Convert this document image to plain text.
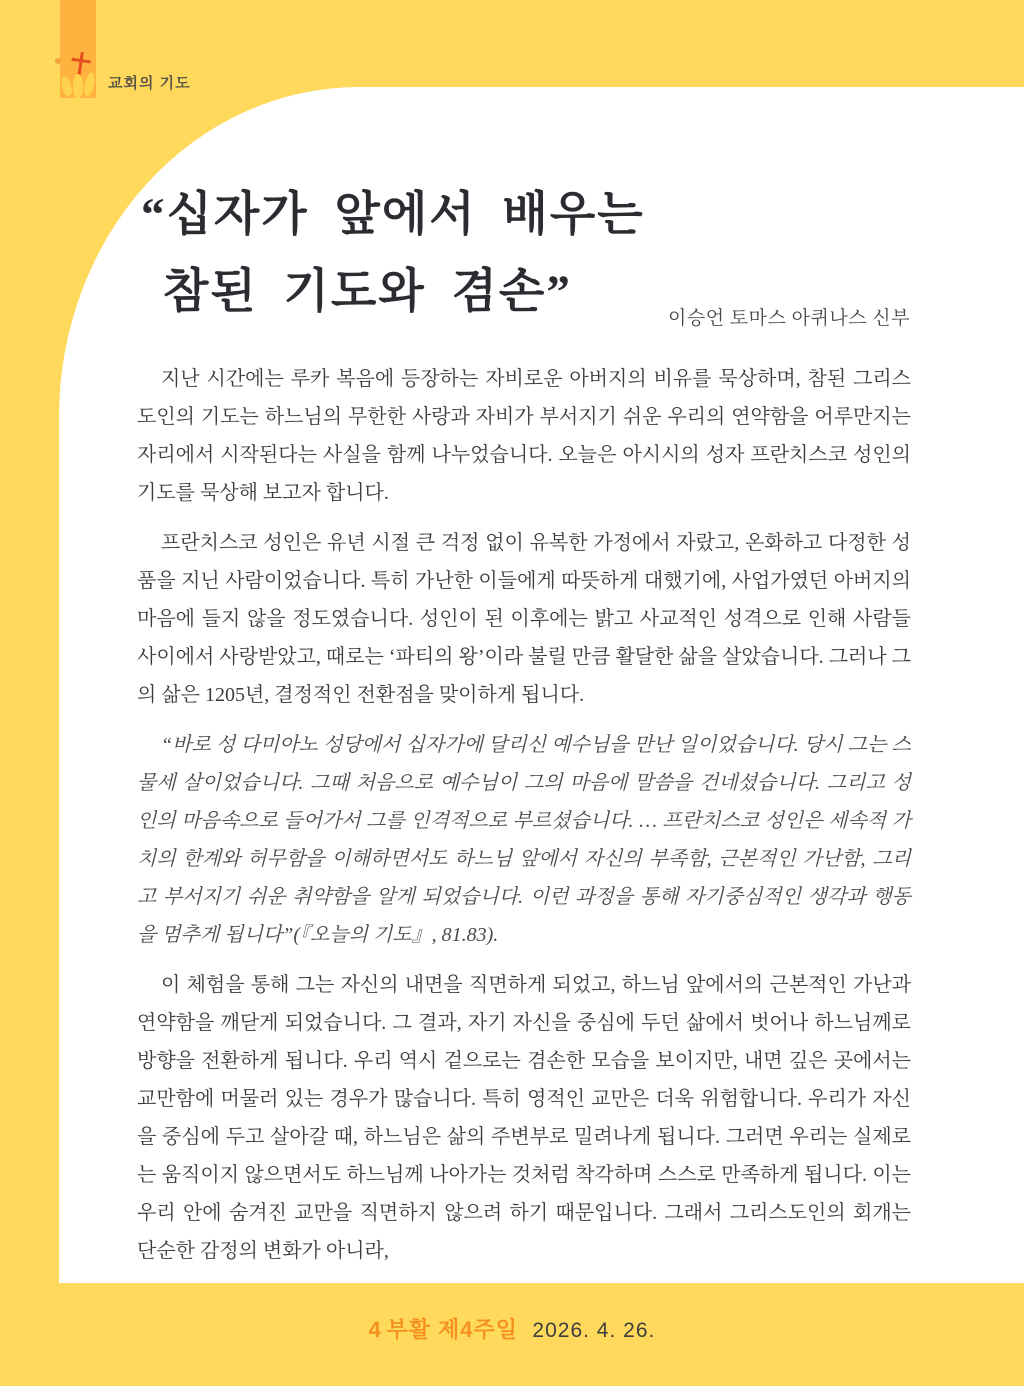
교회의 기도
“십자가 앞에서 배우는
참된 기도와 겸손”
이승언 토마스 아퀴나스 신부

지난 시간에는 루카 복음에 등장하는 자비로운 아버지의 비유를 묵상하며, 참된 그리스도인의 기도는 하느님의 무한한 사랑과 자비가 부서지기 쉬운 우리의 연약함을 어루만지는 자리에서 시작된다는 사실을 함께 나누었습니다. 오늘은 아시시의 성자 프란치스코 성인의 기도를 묵상해 보고자 합니다.

프란치스코 성인은 유년 시절 큰 걱정 없이 유복한 가정에서 자랐고, 온화하고 다정한 성품을 지닌 사람이었습니다. 특히 가난한 이들에게 따뜻하게 대했기에, 사업가였던 아버지의 마음에 들지 않을 정도였습니다. 성인이 된 이후에는 밝고 사교적인 성격으로 인해 사람들 사이에서 사랑받았고, 때로는 ‘파티의 왕’이라 불릴 만큼 활달한 삶을 살았습니다. 그러나 그의 삶은 1205년, 결정적인 전환점을 맞이하게 됩니다.

“바로 성 다미아노 성당에서 십자가에 달리신 예수님을 만난 일이었습니다. 당시 그는 스물세 살이었습니다. 그때 처음으로 예수님이 그의 마음에 말씀을 건네셨습니다. 그리고 성인의 마음속으로 들어가서 그를 인격적으로 부르셨습니다. … 프란치스코 성인은 세속적 가치의 한계와 허무함을 이해하면서도 하느님 앞에서 자신의 부족함, 근본적인 가난함, 그리고 부서지기 쉬운 취약함을 알게 되었습니다. 이런 과정을 통해 자기중심적인 생각과 행동을 멈추게 됩니다”(『오늘의 기도』, 81.83).

이 체험을 통해 그는 자신의 내면을 직면하게 되었고, 하느님 앞에서의 근본적인 가난과 연약함을 깨닫게 되었습니다. 그 결과, 자기 자신을 중심에 두던 삶에서 벗어나 하느님께로 방향을 전환하게 됩니다. 우리 역시 겉으로는 겸손한 모습을 보이지만, 내면 깊은 곳에서는 교만함에 머물러 있는 경우가 많습니다. 특히 영적인 교만은 더욱 위험합니다. 우리가 자신을 중심에 두고 살아갈 때, 하느님은 삶의 주변부로 밀려나게 됩니다. 그러면 우리는 실제로는 움직이지 않으면서도 하느님께 나아가는 것처럼 착각하며 스스로 만족하게 됩니다. 이는 우리 안에 숨겨진 교만을 직면하지 않으려 하기 때문입니다. 그래서 그리스도인의 회개는 단순한 감정의 변화가 아니라,

4 부활 제4주일 2026. 4. 26.
